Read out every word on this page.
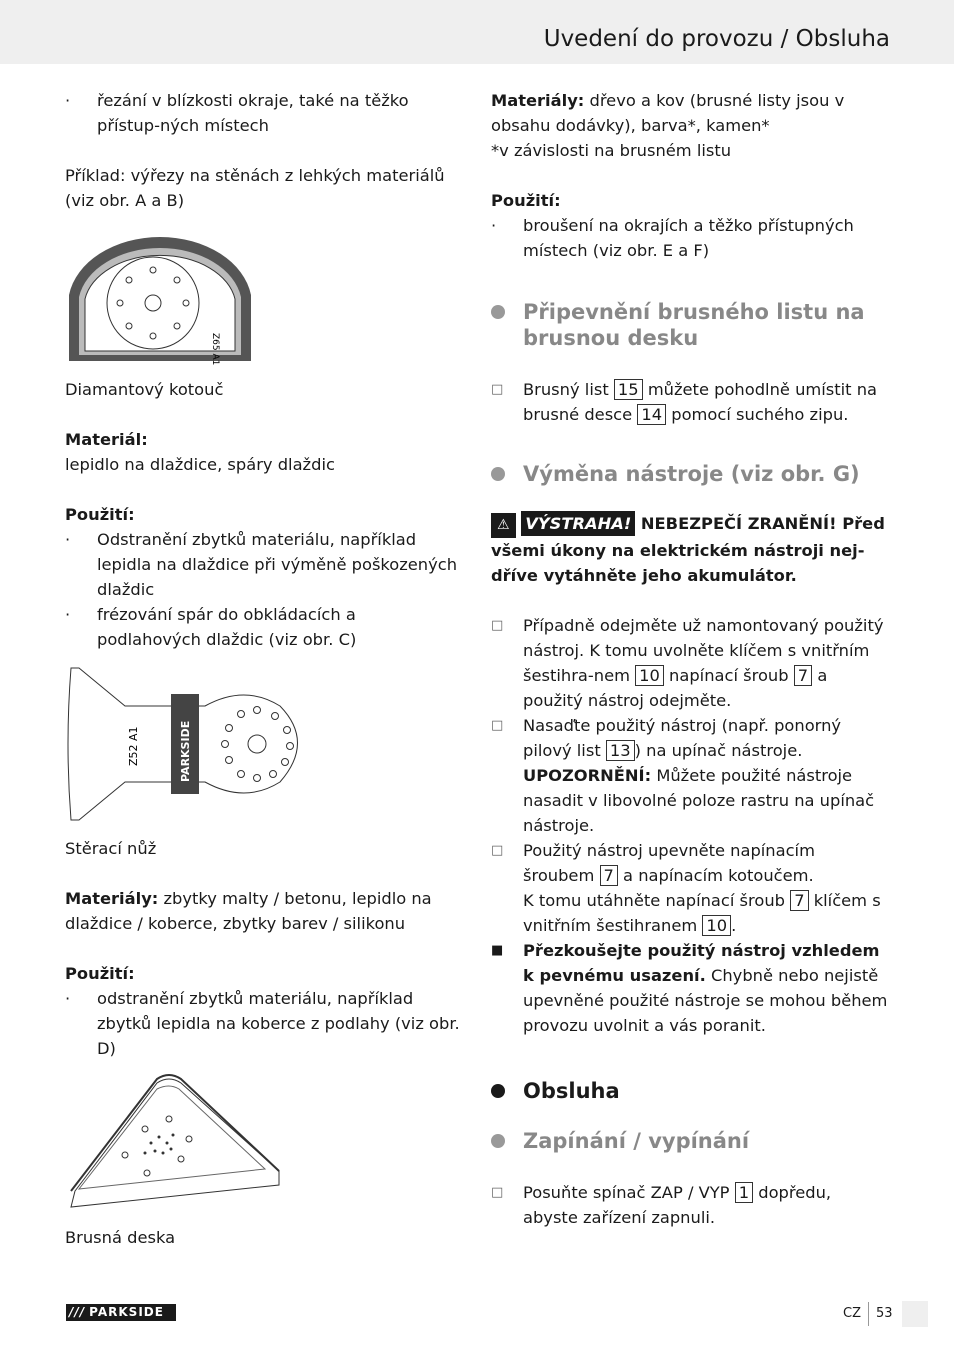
Uvedení do provozu / Obsluha
· řezání v blízkosti okraje, také na těžko přístup-ných místech

Příklad: výřezy na stěnách z lehkých materiálů (viz obr. A a B)

Z65 A1

Diamantový kotouč

Materiál:

lepidlo na dlaždice, spáry dlaždic

Použití:

· Odstranění zbytků materiálu, například lepidla na dlaždice při výměně poškozených dlaždic
· frézování spár do obkládacích a podlahových dlaždic (viz obr. C)
PARKSIDE
Z52 A1

Stěrací nůž

Materiály: zbytky malty / betonu, lepidlo na dlaždice / koberce, zbytky barev / silikonu

Použití:

· odstranění zbytků materiálu, například zbytků lepidla na koberce z podlahy (viz obr. D)

Brusná deska

Materiály: dřevo a kov (brusné listy jsou v obsahu dodávky), barva*, kamen*

*v závislosti na brusném listu

Použití:

· broušení na okrajích a těžko přístupných místech (viz obr. E a F)
Připevnění brusného listu na brusnou desku
□ Brusný list 15 můžete pohodlně umístit na brusné desce 14 pomocí suchého zipu.
Výměna nástroje (viz obr. G)

⚠ VÝSTRAHA! NEBEZPEČÍ ZRANĚNÍ! Před všemi úkony na elektrickém nástroji nej-dříve vytáhněte jeho akumulátor.

□ Případně odejměte už namontovaný použitý nástroj. K tomu uvolněte klíčem s vnitřním šestihra-nem 10 napínací šroub 7 a použitý nástroj odejměte.
□ Nasaďte použitý nástroj (např. ponorný pilový list 13 ) na upínač nástroje.
UPOZORNĚNÍ: Můžete použité nástroje nasadit v libovolné poloze rastru na upínač nástroje.
□ Použitý nástroj upevněte napínacím šroubem 7 a napínacím kotoučem.
K tomu utáhněte napínací šroub 7 klíčem s vnitřním šestihranem 10 .
■ Přezkoušejte použitý nástroj vzhledem k pevnému usazení. Chybně nebo nejistě upevněné použité nástroje se mohou během provozu uvolnit a vás poranit.
Obsluha
Zapínání / vypínání
□ Posuňte spínač ZAP / VYP 1 dopředu, abyste zařízení zapnuli.
/// PARKSIDE	CZ 53
